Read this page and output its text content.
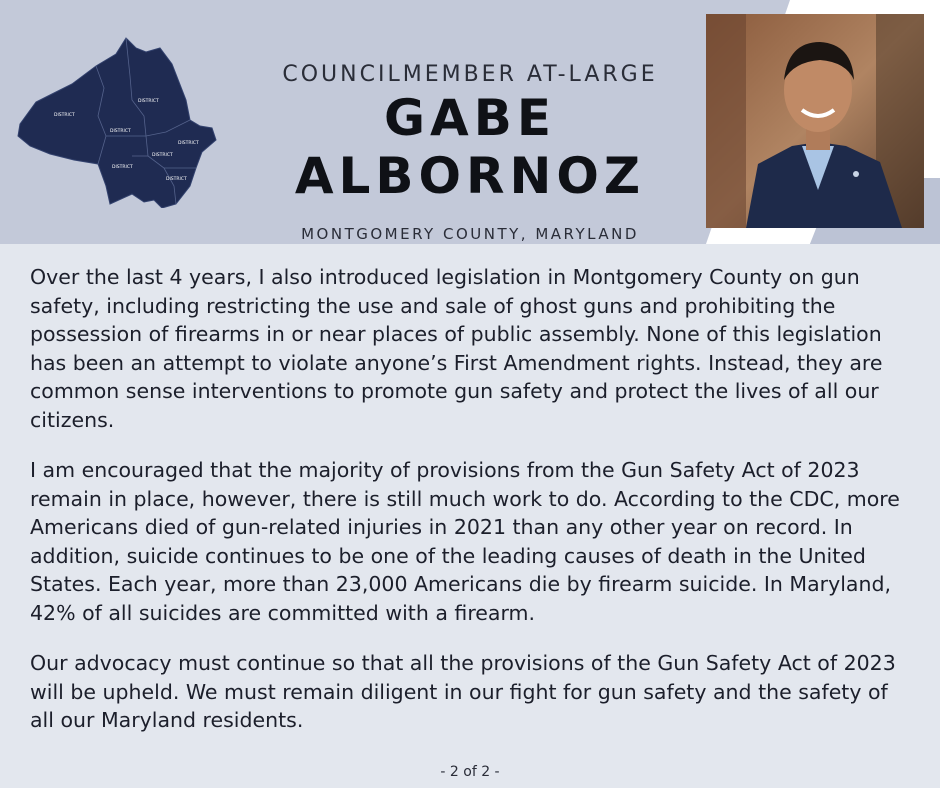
DISTRICT
DISTRICT
DISTRICT
DISTRICT
DISTRICT
DISTRICT
DISTRICT
COUNCILMEMBER AT-LARGE
GABE ALBORNOZ
MONTGOMERY COUNTY, MARYLAND

Over the last 4 years, I also introduced legislation in Montgomery County on gun safety, including restricting the use and sale of ghost guns and prohibiting the possession of firearms in or near places of public assembly. None of this legislation has been an attempt to violate anyone’s First Amendment rights. Instead, they are common sense interventions to promote gun safety and protect the lives of all our citizens.

I am encouraged that the majority of provisions from the Gun Safety Act of 2023 remain in place, however, there is still much work to do. According to the CDC, more Americans died of gun-related injuries in 2021 than any other year on record. In addition, suicide continues to be one of the leading causes of death in the United States. Each year, more than 23,000 Americans die by firearm suicide. In Maryland, 42% of all suicides are committed with a firearm.

Our advocacy must continue so that all the provisions of the Gun Safety Act of 2023 will be upheld. We must remain diligent in our fight for gun safety and the safety of all our Maryland residents.

- 2 of 2 -
